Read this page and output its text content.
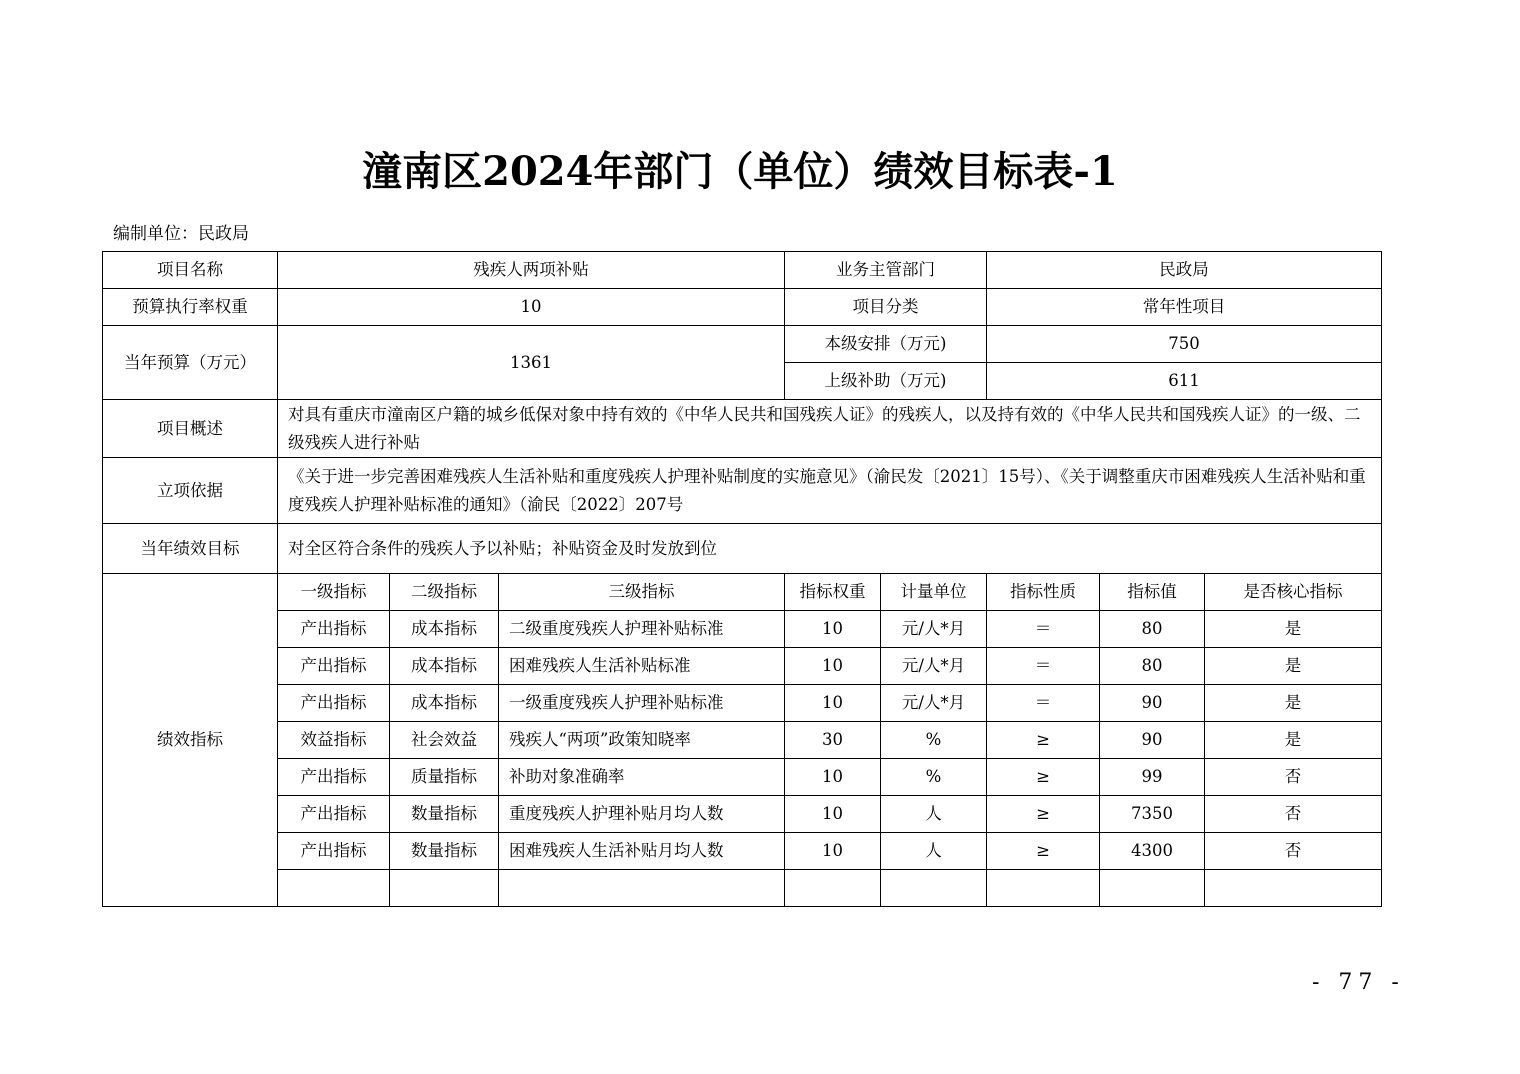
潼南区2024年部门（单位）绩效目标表-1
编制单位：民政局
项目名称	残疾人两项补贴			业务主管部门		民政局		
预算执行率权重	10			项目分类		常年性项目		
当年预算（万元）	1361			本级安排（万元)		750		
				上级补助（万元)		611		
项目概述	对具有重庆市潼南区户籍的城乡低保对象中持有效的《中华人民共和国残疾人证》的残疾人，以及持有效的《中华人民共和国残疾人证》的一级、二级残疾人进行补贴							
立项依据	《关于进一步完善困难残疾人生活补贴和重度残疾人护理补贴制度的实施意见》（渝民发〔2021〕15号）、《关于调整重庆市困难残疾人生活补贴和重度残疾人护理补贴标准的通知》（渝民〔2022〕207号							
当年绩效目标	对全区符合条件的残疾人予以补贴；补贴资金及时发放到位							
绩效指标	一级指标	二级指标	三级指标	指标权重	计量单位	指标性质	指标值	是否核心指标
	产出指标	成本指标	二级重度残疾人护理补贴标准	10	元/人*月	＝	80	是
	产出指标	成本指标	困难残疾人生活补贴标准	10	元/人*月	＝	80	是
	产出指标	成本指标	一级重度残疾人护理补贴标准	10	元/人*月	＝	90	是
	效益指标	社会效益	残疾人“两项”政策知晓率	30	%	≥	90	是
	产出指标	质量指标	补助对象准确率	10	%	≥	99	否
	产出指标	数量指标	重度残疾人护理补贴月均人数	10	人	≥	7350	否
	产出指标	数量指标	困难残疾人生活补贴月均人数	10	人	≥	4300	否

- 77 -
